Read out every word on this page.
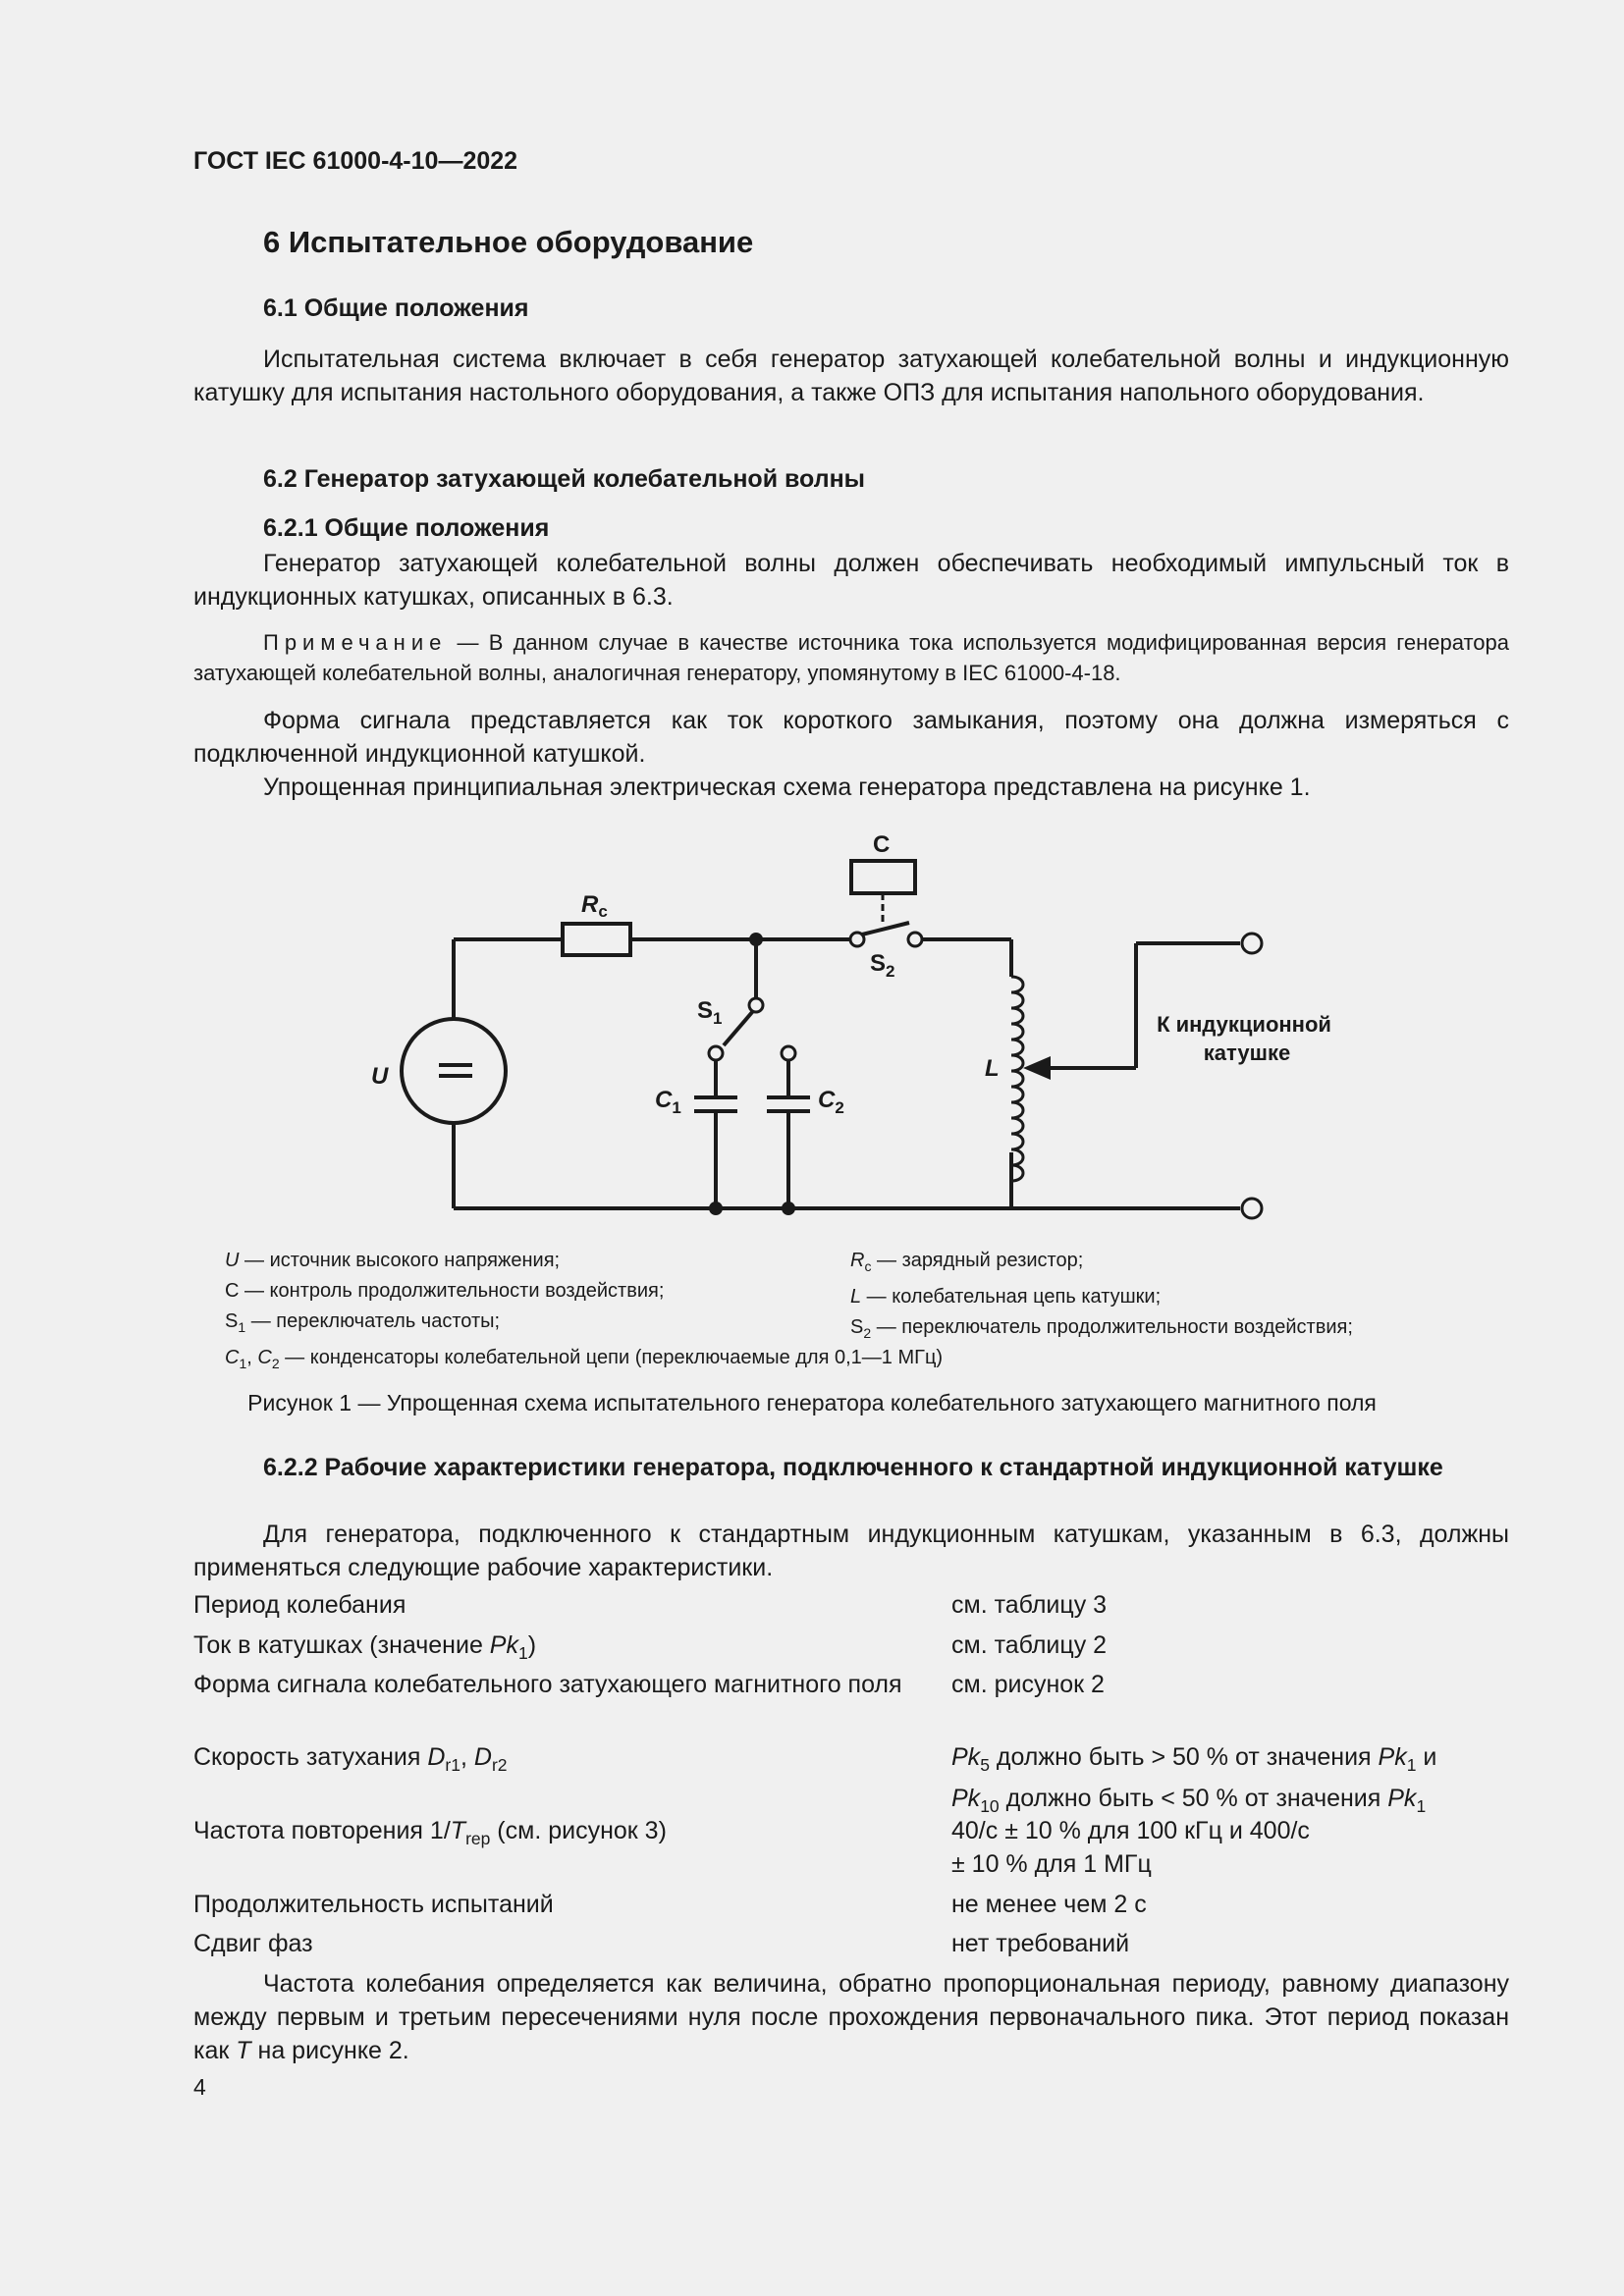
ГОСТ IEC 61000-4-10—2022
6 Испытательное оборудование
6.1 Общие положения
Испытательная система включает в себя генератор затухающей колебательной волны и индукционную катушку для испытания настольного оборудования, а также ОПЗ для испытания напольного оборудования.
6.2 Генератор затухающей колебательной волны
6.2.1 Общие положения
Генератор затухающей колебательной волны должен обеспечивать необходимый импульсный ток в индукционных катушках, описанных в 6.3.
Примечание — В данном случае в качестве источника тока используется модифицированная версия генератора затухающей колебательной волны, аналогичная генератору, упомянутому в IEC 61000-4-18.
Форма сигнала представляется как ток короткого замыкания, поэтому она должна измеряться с подключенной индукционной катушкой.
Упрощенная принципиальная электрическая схема генератора представлена на рисунке 1.
C
$R_c$
$S_2$
$S_1$
U
$C_1$	$C_2$
L
К индукционной
катушке
U — источник высокого напряжения;
C — контроль продолжительности воздействия;
$S_1$ — переключатель частоты;
$C_1$, $C_2$ — конденсаторы колебательной цепи (переключаемые для 0,1—1 МГц)
$R_c$ — зарядный резистор;
L — колебательная цепь катушки;
$S_2$ — переключатель продолжительности воздействия;
Рисунок 1 — Упрощенная схема испытательного генератора колебательного затухающего магнитного поля
6.2.2 Рабочие характеристики генератора, подключенного к стандартной индукционной катушке
Для генератора, подключенного к стандартным индукционным катушкам, указанным в 6.3, должны применяться следующие рабочие характеристики.
Период колебания	см. таблицу 3
Ток в катушках (значение $Pk_1$)	см. таблицу 2
Форма сигнала колебательного затухающего магнитного поля	см. рисунок 2
Скорость затухания $D_{r1}$, $D_{r2}$	$Pk_5$ должно быть > 50 % от значения $Pk_1$ и
$Pk_{10}$ должно быть < 50 % от значения $Pk_1$
Частота повторения $1/T_{rep}$ (см. рисунок 3)	40/с ± 10 % для 100 кГц и 400/с
± 10 % для 1 МГц
Продолжительность испытаний	не менее чем 2 с
Сдвиг фаз	нет требований
Частота колебания определяется как величина, обратно пропорциональная периоду, равному диапазону между первым и третьим пересечениями нуля после прохождения первоначального пика. Этот период показан как T на рисунке 2.
4
